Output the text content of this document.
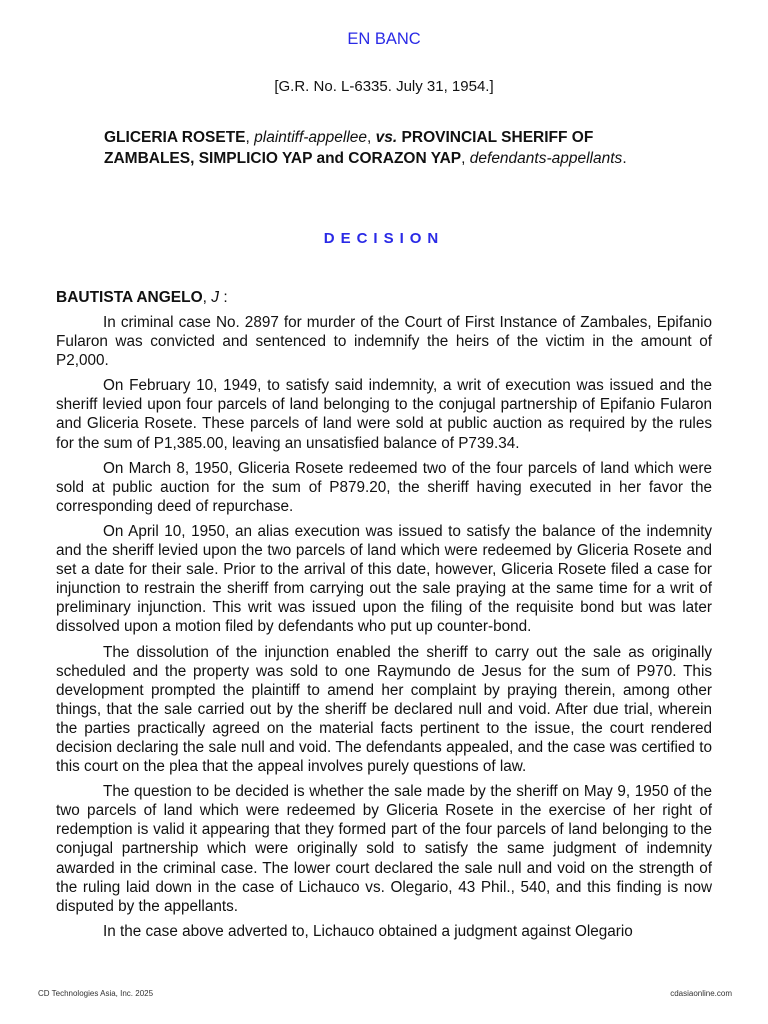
EN BANC
[G.R. No. L-6335. July 31, 1954.]
GLICERIA ROSETE, plaintiff-appellee, vs. PROVINCIAL SHERIFF OF ZAMBALES, SIMPLICIO YAP and CORAZON YAP, defendants-appellants.
DECISION
BAUTISTA ANGELO, J :

In criminal case No. 2897 for murder of the Court of First Instance of Zambales, Epifanio Fularon was convicted and sentenced to indemnify the heirs of the victim in the amount of P2,000.

On February 10, 1949, to satisfy said indemnity, a writ of execution was issued and the sheriff levied upon four parcels of land belonging to the conjugal partnership of Epifanio Fularon and Gliceria Rosete. These parcels of land were sold at public auction as required by the rules for the sum of P1,385.00, leaving an unsatisfied balance of P739.34.

On March 8, 1950, Gliceria Rosete redeemed two of the four parcels of land which were sold at public auction for the sum of P879.20, the sheriff having executed in her favor the corresponding deed of repurchase.

On April 10, 1950, an alias execution was issued to satisfy the balance of the indemnity and the sheriff levied upon the two parcels of land which were redeemed by Gliceria Rosete and set a date for their sale. Prior to the arrival of this date, however, Gliceria Rosete filed a case for injunction to restrain the sheriff from carrying out the sale praying at the same time for a writ of preliminary injunction. This writ was issued upon the filing of the requisite bond but was later dissolved upon a motion filed by defendants who put up counter-bond.

The dissolution of the injunction enabled the sheriff to carry out the sale as originally scheduled and the property was sold to one Raymundo de Jesus for the sum of P970. This development prompted the plaintiff to amend her complaint by praying therein, among other things, that the sale carried out by the sheriff be declared null and void. After due trial, wherein the parties practically agreed on the material facts pertinent to the issue, the court rendered decision declaring the sale null and void. The defendants appealed, and the case was certified to this court on the plea that the appeal involves purely questions of law.

The question to be decided is whether the sale made by the sheriff on May 9, 1950 of the two parcels of land which were redeemed by Gliceria Rosete in the exercise of her right of redemption is valid it appearing that they formed part of the four parcels of land belonging to the conjugal partnership which were originally sold to satisfy the same judgment of indemnity awarded in the criminal case. The lower court declared the sale null and void on the strength of the ruling laid down in the case of Lichauco vs. Olegario, 43 Phil., 540, and this finding is now disputed by the appellants.

In the case above adverted to, Lichauco obtained a judgment against Olegario

CD Technologies Asia, Inc. 2025	cdasiaonline.com
